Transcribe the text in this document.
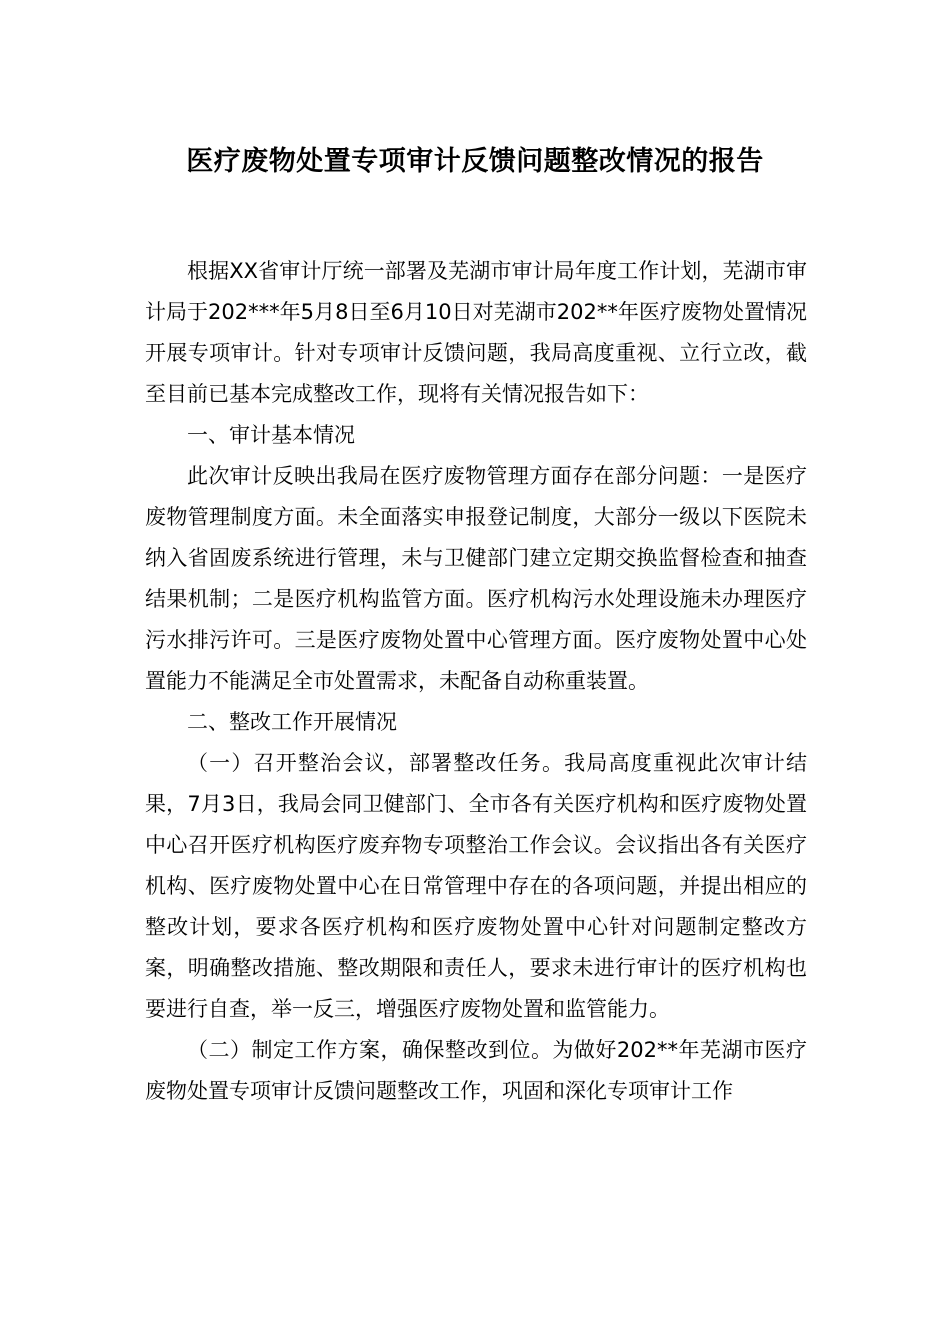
医疗废物处置专项审计反馈问题整改情况的报告

根据XX省审计厅统一部署及芜湖市审计局年度工作计划，芜湖市审计局于202***年5月8日至6月10日对芜湖市202**年医疗废物处置情况开展专项审计。针对专项审计反馈问题，我局高度重视、立行立改，截至目前已基本完成整改工作，现将有关情况报告如下：

一、审计基本情况

此次审计反映出我局在医疗废物管理方面存在部分问题：一是医疗废物管理制度方面。未全面落实申报登记制度，大部分一级以下医院未纳入省固废系统进行管理，未与卫健部门建立定期交换监督检查和抽查结果机制；二是医疗机构监管方面。医疗机构污水处理设施未办理医疗污水排污许可。三是医疗废物处置中心管理方面。医疗废物处置中心处置能力不能满足全市处置需求，未配备自动称重装置。

二、整改工作开展情况

（一）召开整治会议，部署整改任务。我局高度重视此次审计结果，7月3日，我局会同卫健部门、全市各有关医疗机构和医疗废物处置中心召开医疗机构医疗废弃物专项整治工作会议。会议指出各有关医疗机构、医疗废物处置中心在日常管理中存在的各项问题，并提出相应的整改计划，要求各医疗机构和医疗废物处置中心针对问题制定整改方案，明确整改措施、整改期限和责任人，要求未进行审计的医疗机构也要进行自查，举一反三，增强医疗废物处置和监管能力。

（二）制定工作方案，确保整改到位。为做好202**年芜湖市医疗废物处置专项审计反馈问题整改工作，巩固和深化专项审计工作
